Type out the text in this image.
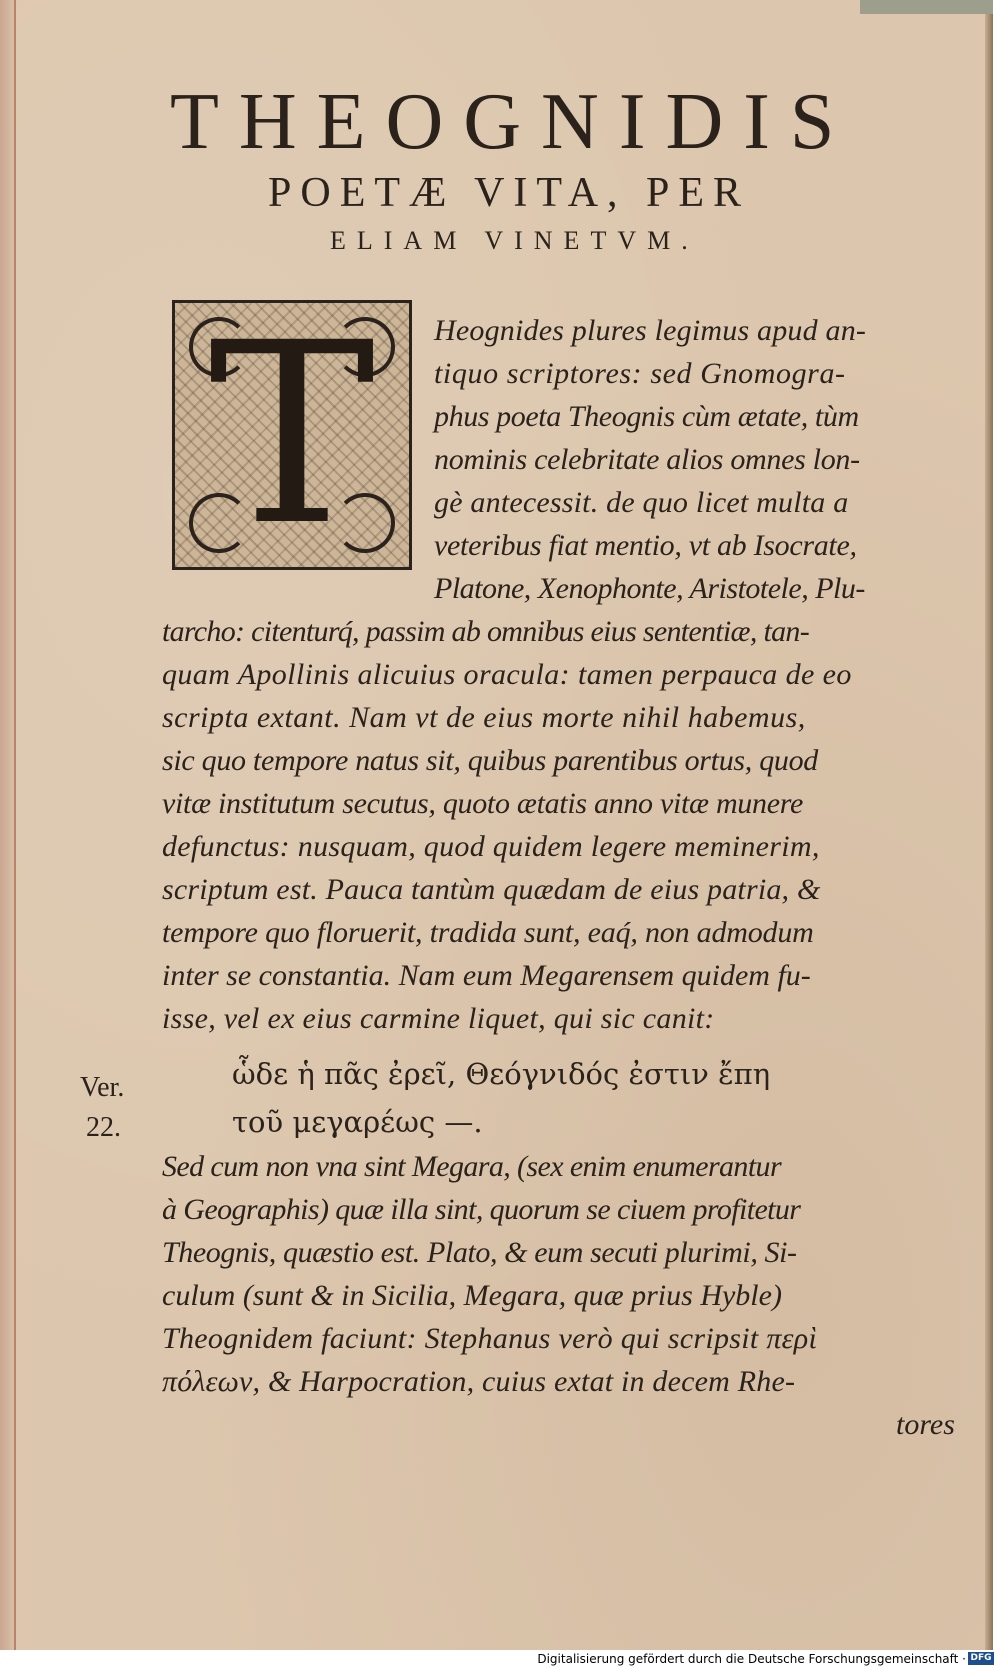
THEOGNIDIS
POETÆ VITA, PER
ELIAM VINETVM.
T	Heognides plures legimus apud an-
tiquo scriptores: sed Gnomogra-
phus poeta Theognis cùm ætate, tùm
nominis celebritate alios omnes lon-
gè antecessit. de quo licet multa a
veteribus fiat mentio, vt ab Isocrate,
Platone, Xenophonte, Aristotele, Plu-
tarcho: citenturq́, passim ab omnibus eius sententiæ, tan-
quam Apollinis alicuius oracula: tamen perpauca de eo
scripta extant. Nam vt de eius morte nihil habemus,
sic quo tempore natus sit, quibus parentibus ortus, quod
vitæ institutum secutus, quoto ætatis anno vitæ munere
defunctus: nusquam, quod quidem legere meminerim,
scriptum est. Pauca tantùm quædam de eius patria, &
tempore quo floruerit, tradida sunt, eaq́, non admodum
inter se constantia. Nam eum Megarensem quidem fu-
isse, vel ex eius carmine liquet, qui sic canit:
Ver.
22.
ὧδε ἡ πᾶς ἐρεῖ, Θεόγνιδός ἐστιν ἔπη
τοῦ μεγαρέως —.
Sed cum non vna sint Megara, (sex enim enumerantur
à Geographis) quæ illa sint, quorum se ciuem profitetur
Theognis, quæstio est. Plato, & eum secuti plurimi, Si-
culum (sunt & in Sicilia, Megara, quæ prius Hyble)
Theognidem faciunt: Stephanus verò qui scripsit περὶ
πόλεων, & Harpocration, cuius extat in decem Rhe-
tores
Digitalisierung gefördert durch die Deutsche Forschungsgemeinschaft · DFG
